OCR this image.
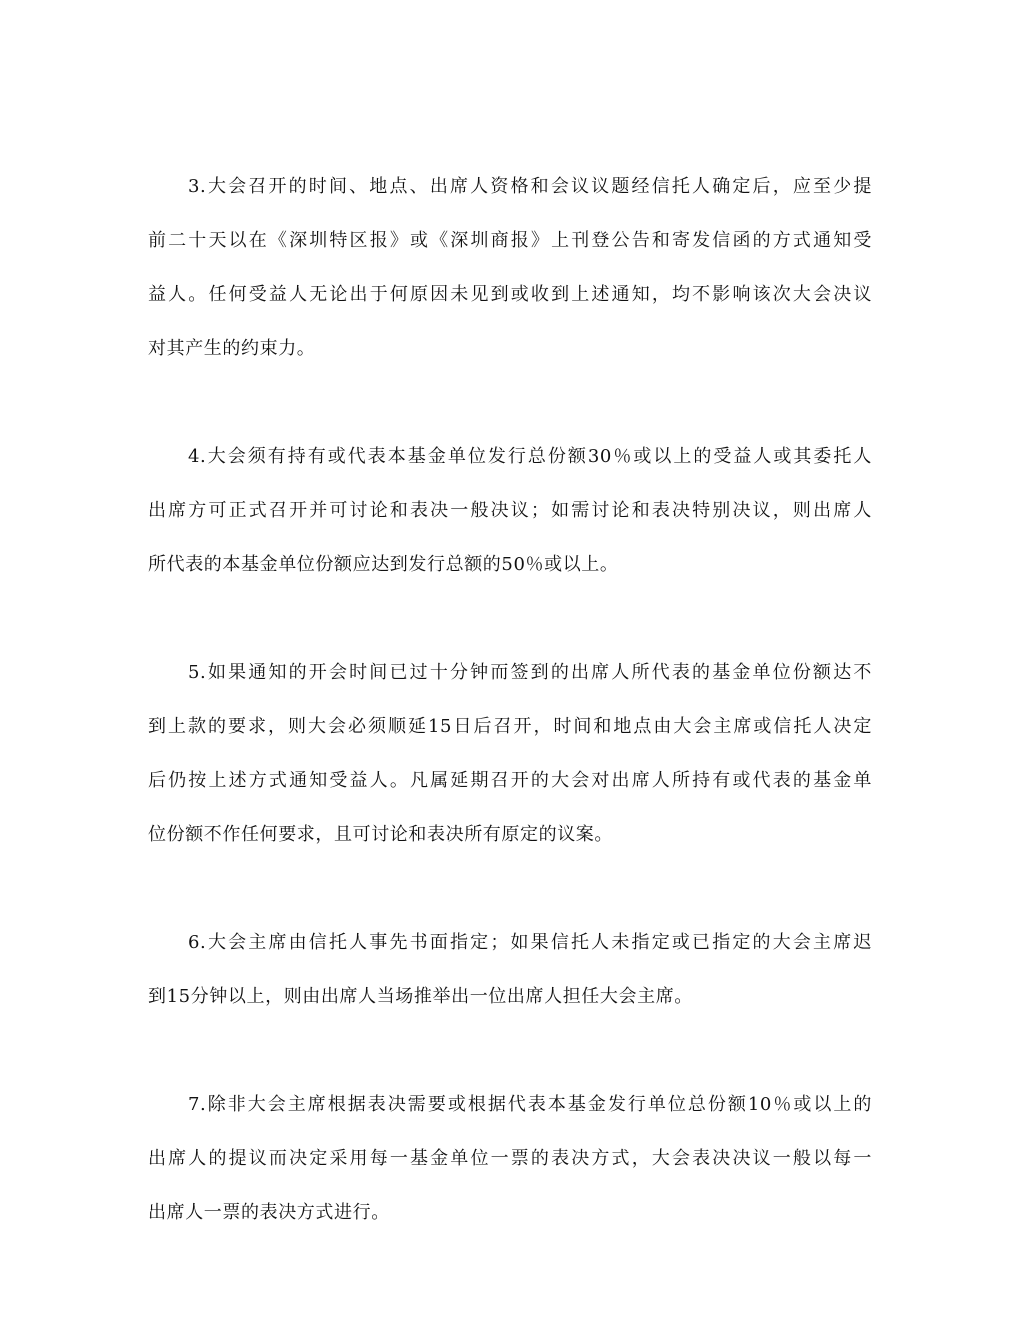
3.大会召开的时间、地点、出席人资格和会议议题经信托人确定后，应至少提
前二十天以在《深圳特区报》或《深圳商报》上刊登公告和寄发信函的方式通知受
益人。任何受益人无论出于何原因未见到或收到上述通知，均不影响该次大会决议
对其产生的约束力。
4.大会须有持有或代表本基金单位发行总份额30％或以上的受益人或其委托人
出席方可正式召开并可讨论和表决一般决议；如需讨论和表决特别决议，则出席人
所代表的本基金单位份额应达到发行总额的50％或以上。
5.如果通知的开会时间已过十分钟而签到的出席人所代表的基金单位份额达不
到上款的要求，则大会必须顺延15日后召开，时间和地点由大会主席或信托人决定
后仍按上述方式通知受益人。凡属延期召开的大会对出席人所持有或代表的基金单
位份额不作任何要求，且可讨论和表决所有原定的议案。
6.大会主席由信托人事先书面指定；如果信托人未指定或已指定的大会主席迟
到15分钟以上，则由出席人当场推举出一位出席人担任大会主席。
7.除非大会主席根据表决需要或根据代表本基金发行单位总份额10％或以上的
出席人的提议而决定采用每一基金单位一票的表决方式，大会表决决议一般以每一
出席人一票的表决方式进行。
